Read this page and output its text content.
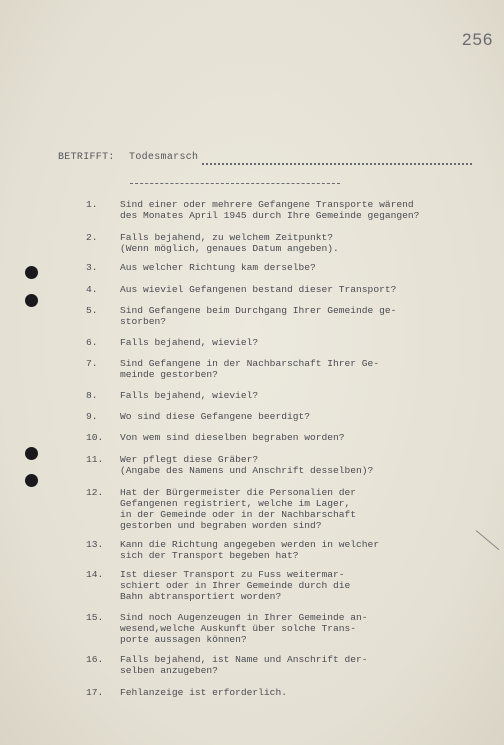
256
BETRIFFT: Todesmarsch
1.	Sind einer oder mehrere Gefangene Transporte wärend
des Monates April 1945 durch Ihre Gemeinde gegangen?
2.	Falls bejahend, zu welchem Zeitpunkt?
(Wenn möglich, genaues Datum angeben).
3.	Aus welcher Richtung kam derselbe?
4.	Aus wieviel Gefangenen bestand dieser Transport?
5.	Sind Gefangene beim Durchgang Ihrer Gemeinde ge-
storben?
6.	Falls bejahend, wieviel?
7.	Sind Gefangene in der Nachbarschaft Ihrer Ge-
meinde gestorben?
8.	Falls bejahend, wieviel?
9.	Wo sind diese Gefangene beerdigt?
10.	Von wem sind dieselben begraben worden?
11.	Wer pflegt diese Gräber?
(Angabe des Namens und Anschrift desselben)?
12.	Hat der Bürgermeister die Personalien der
Gefangenen registriert, welche im Lager,
in der Gemeinde oder in der Nachbarschaft
gestorben und begraben worden sind?
13.	Kann die Richtung angegeben werden in welcher
sich der Transport begeben hat?
14.	Ist dieser Transport zu Fuss weitermar-
schiert oder in Ihrer Gemeinde durch die
Bahn abtransportiert worden?
15.	Sind noch Augenzeugen in Ihrer Gemeinde an-
wesend,welche Auskunft über solche Trans-
porte aussagen können?
16.	Falls bejahend, ist Name und Anschrift der-
selben anzugeben?
17.	Fehlanzeige ist erforderlich.
